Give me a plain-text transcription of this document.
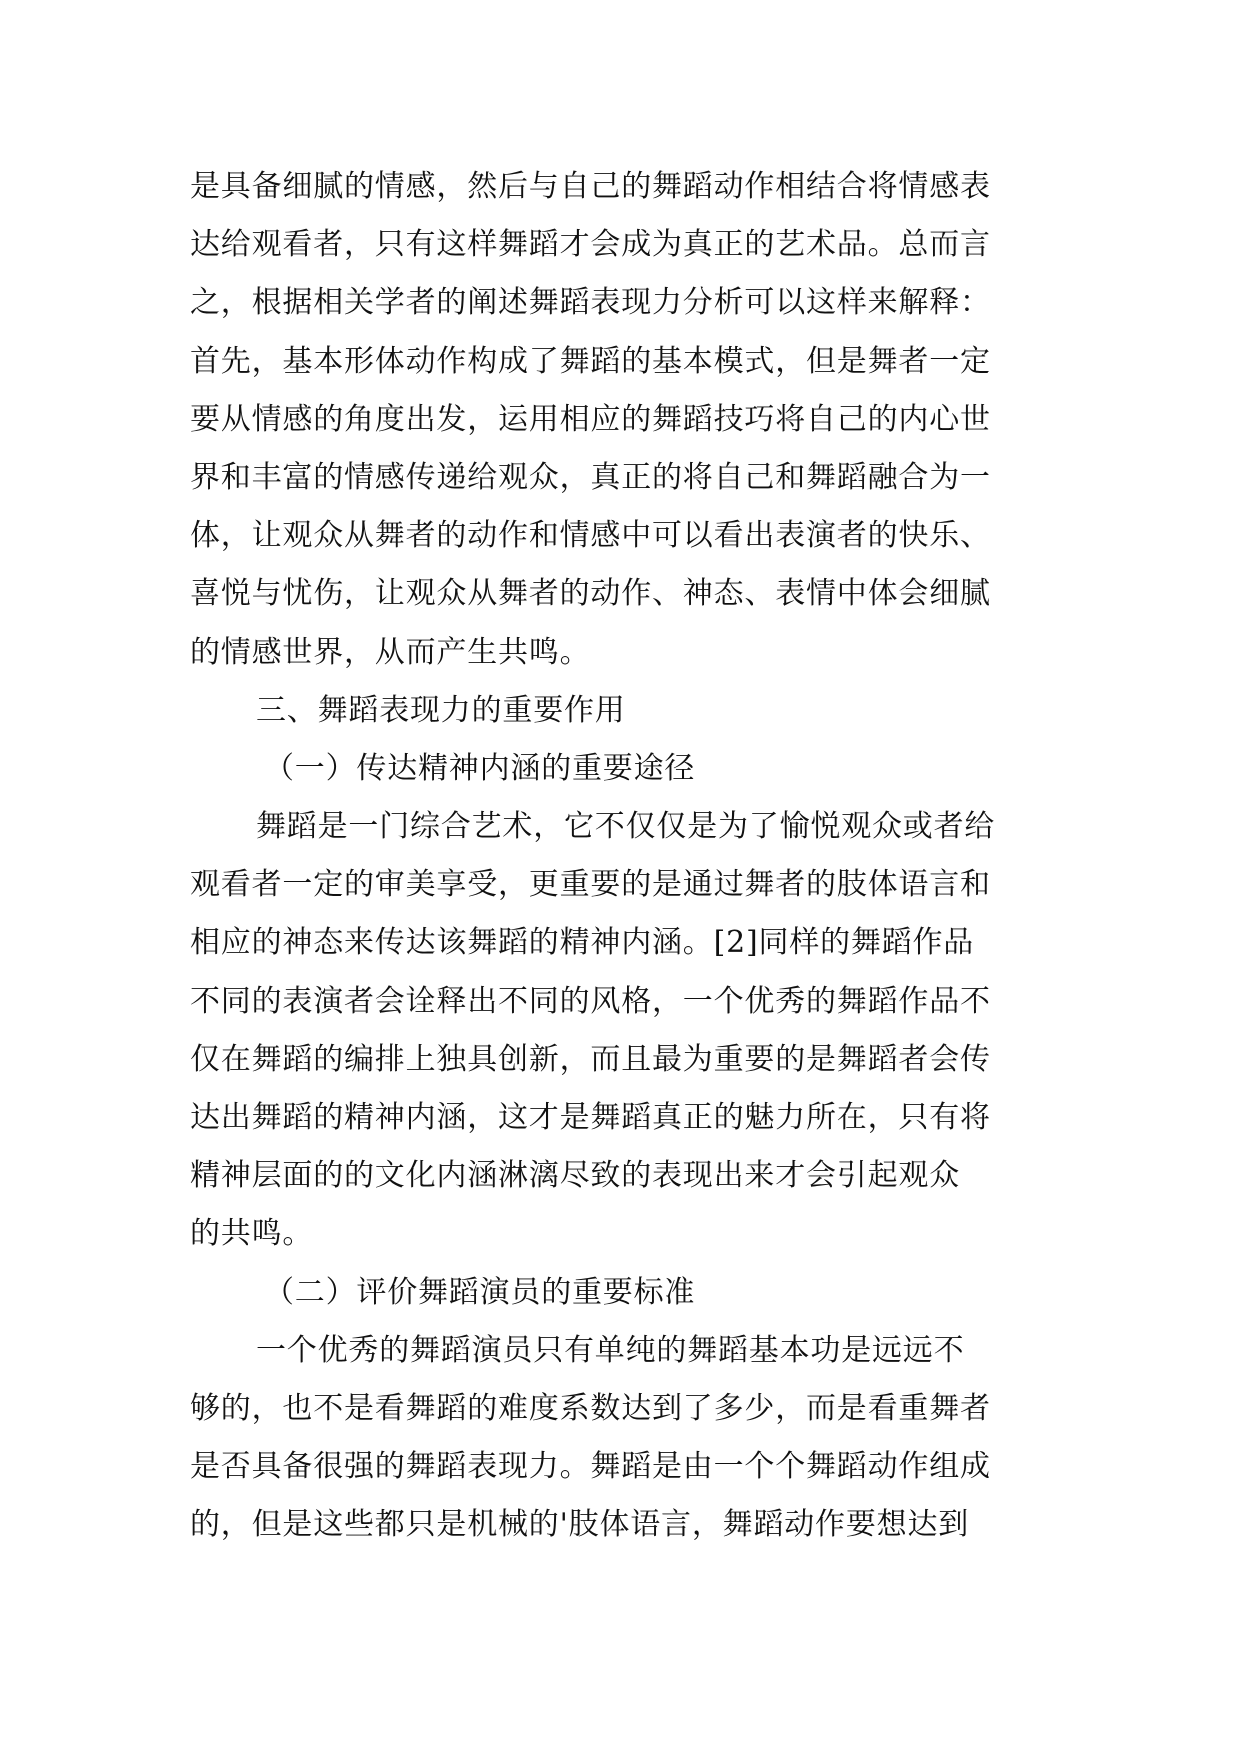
是具备细腻的情感，然后与自己的舞蹈动作相结合将情感表
达给观看者，只有这样舞蹈才会成为真正的艺术品。总而言
之，根据相关学者的阐述舞蹈表现力分析可以这样来解释：
首先，基本形体动作构成了舞蹈的基本模式，但是舞者一定
要从情感的角度出发，运用相应的舞蹈技巧将自己的内心世
界和丰富的情感传递给观众，真正的将自己和舞蹈融合为一
体，让观众从舞者的动作和情感中可以看出表演者的快乐、
喜悦与忧伤，让观众从舞者的动作、神态、表情中体会细腻
的情感世界，从而产生共鸣。
三、舞蹈表现力的重要作用
（一）传达精神内涵的重要途径
舞蹈是一门综合艺术，它不仅仅是为了愉悦观众或者给
观看者一定的审美享受，更重要的是通过舞者的肢体语言和
相应的神态来传达该舞蹈的精神内涵。[2]同样的舞蹈作品
不同的表演者会诠释出不同的风格，一个优秀的舞蹈作品不
仅在舞蹈的编排上独具创新，而且最为重要的是舞蹈者会传
达出舞蹈的精神内涵，这才是舞蹈真正的魅力所在，只有将
精神层面的的文化内涵淋漓尽致的表现出来才会引起观众
的共鸣。
（二）评价舞蹈演员的重要标准
一个优秀的舞蹈演员只有单纯的舞蹈基本功是远远不
够的，也不是看舞蹈的难度系数达到了多少，而是看重舞者
是否具备很强的舞蹈表现力。舞蹈是由一个个舞蹈动作组成
的，但是这些都只是机械的'肢体语言，舞蹈动作要想达到
